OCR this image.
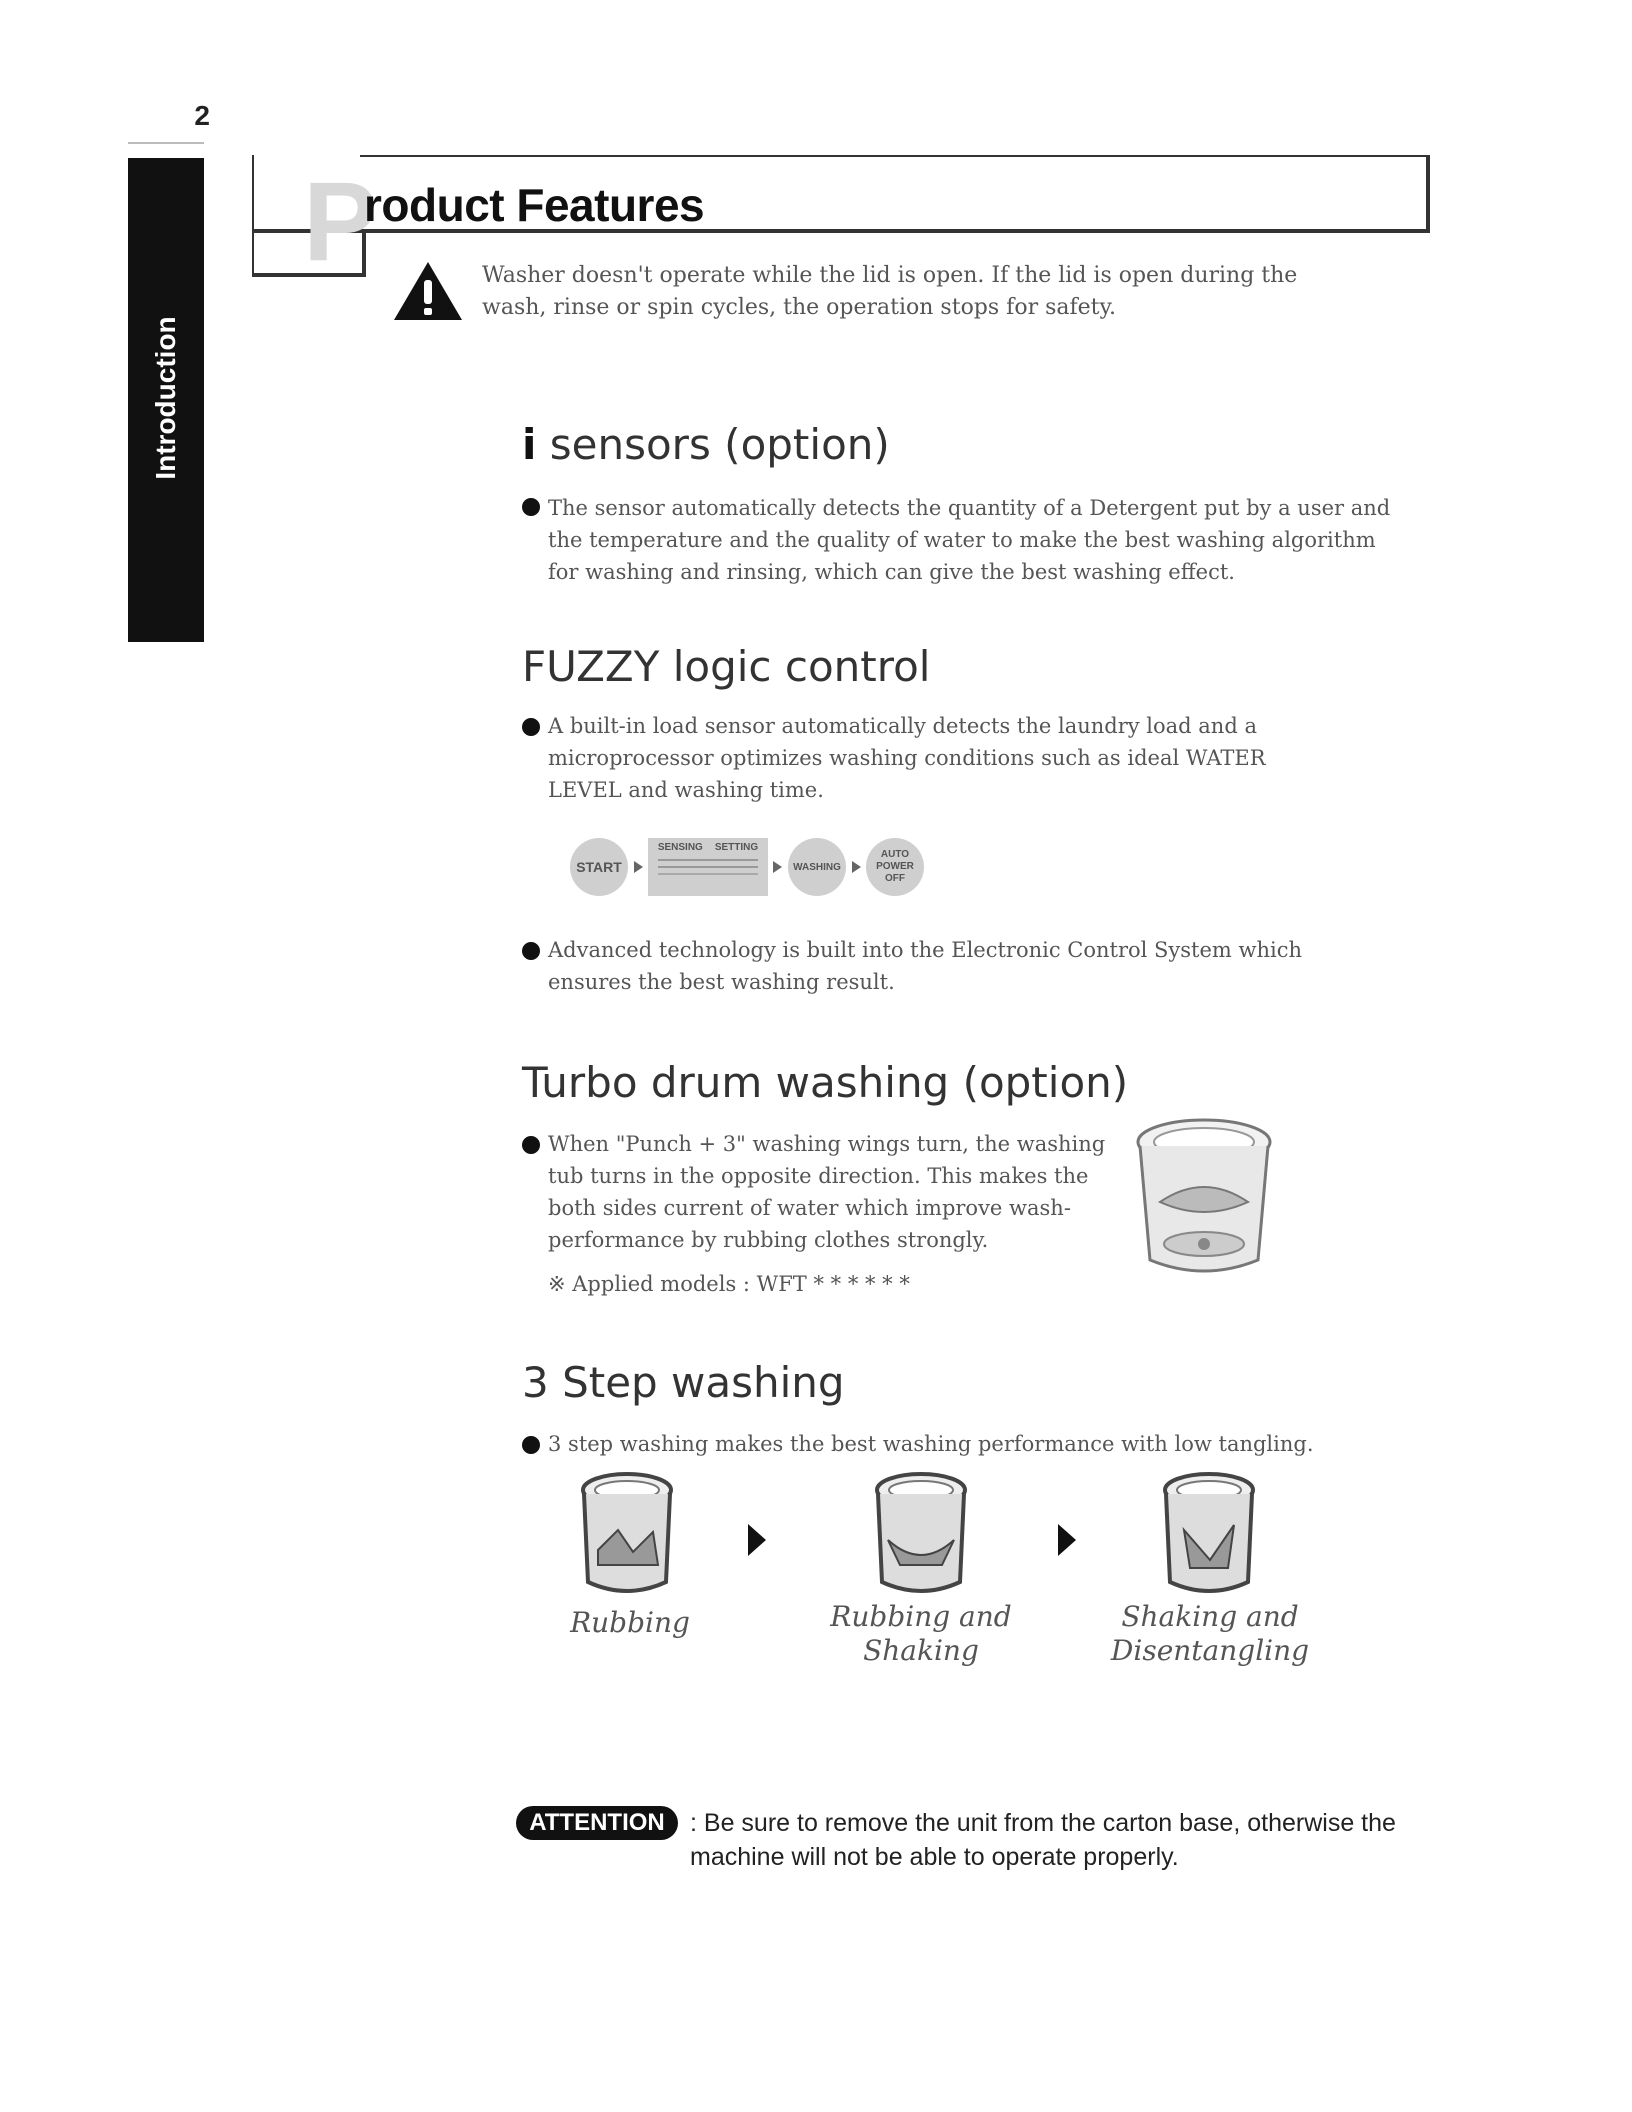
2
Introduction
P
roduct Features
Washer doesn't operate while the lid is open. If the lid is open during the wash, rinse or spin cycles, the operation stops for safety.
i sensors (option)
The sensor automatically detects the quantity of a Detergent put by a user and the temperature and the quality of water to make the best washing algorithm for washing and rinsing, which can give the best washing effect.
FUZZY logic control
A built-in load sensor automatically detects the laundry load and a microprocessor optimizes washing conditions such as ideal WATER LEVEL and washing time.
START
SENSING SETTING
WASHING
AUTO POWER OFF
Advanced technology is built into the Electronic Control System which ensures the best washing result.
Turbo drum washing (option)
When "Punch + 3" washing wings turn, the washing tub turns in the opposite direction. This makes the both sides current of water which improve wash-performance by rubbing clothes strongly.
※ Applied models : WFT * * * * * *
3 Step washing
3 step washing makes the best washing performance with low tangling.
Rubbing	Rubbing and Shaking
Shaking and Disentangling
ATTENTION	: Be sure to remove the unit from the carton base, otherwise the machine will not be able to operate properly.
